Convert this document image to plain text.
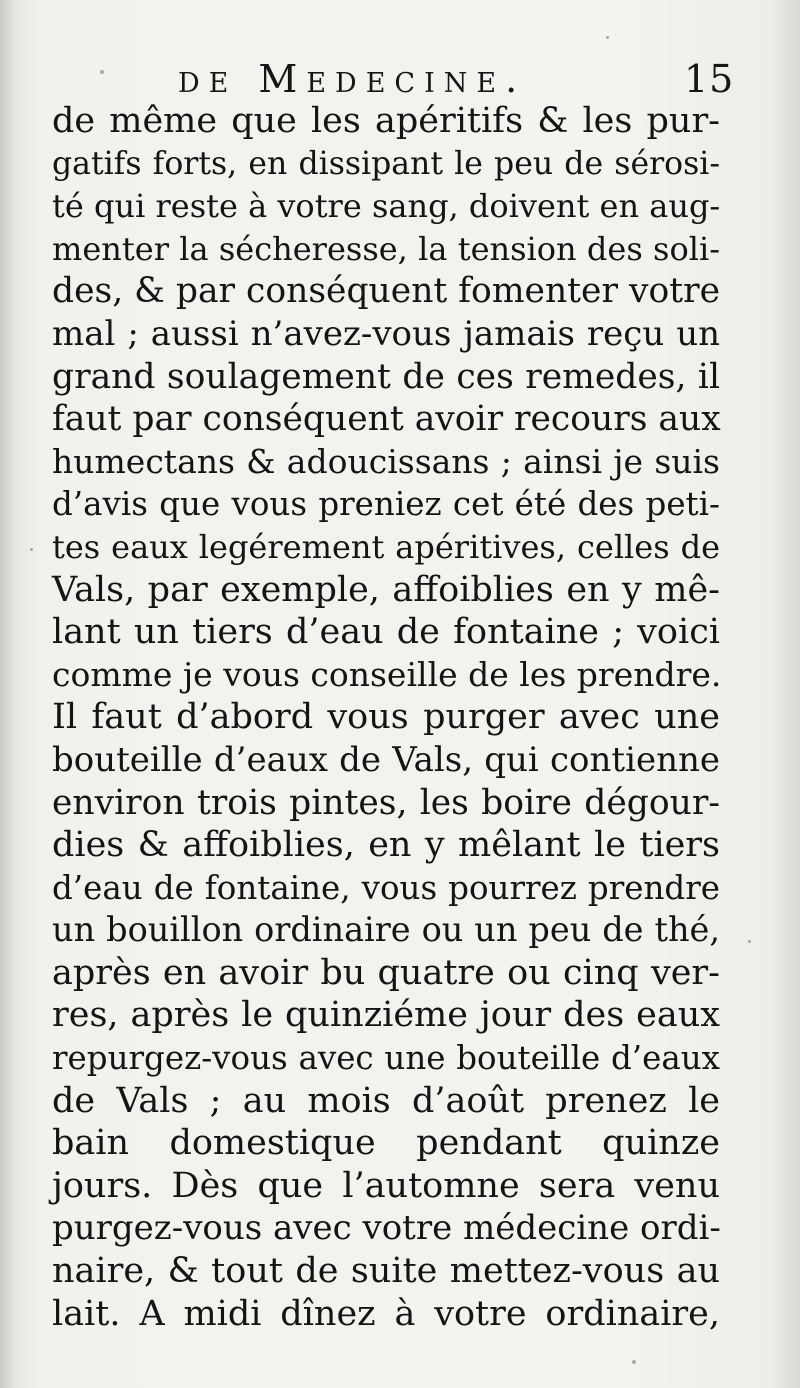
de Medecine.	15
de même que les apéritifs & les pur-
gatifs forts, en dissipant le peu de sérosi-
té qui reste à votre sang, doivent en aug-
menter la sécheresse, la tension des soli-
des, & par conséquent fomenter votre
mal ; aussi n’avez-vous jamais reçu un
grand soulagement de ces remedes, il
faut par conséquent avoir recours aux
humectans & adoucissans ; ainsi je suis
d’avis que vous preniez cet été des peti-
tes eaux legérement apéritives, celles de
Vals, par exemple, affoiblies en y mê-
lant un tiers d’eau de fontaine ; voici
comme je vous conseille de les prendre.
Il faut d’abord vous purger avec une
bouteille d’eaux de Vals, qui contienne
environ trois pintes, les boire dégour-
dies & affoiblies, en y mêlant le tiers
d’eau de fontaine, vous pourrez prendre
un bouillon ordinaire ou un peu de thé,
après en avoir bu quatre ou cinq ver-
res, après le quinziéme jour des eaux
repurgez-vous avec une bouteille d’eaux
de Vals ; au mois d’août prenez le
bain domestique pendant quinze
jours. Dès que l’automne sera venu
purgez-vous avec votre médecine ordi-
naire, & tout de suite mettez-vous au
lait. A midi dînez à votre ordinaire,
